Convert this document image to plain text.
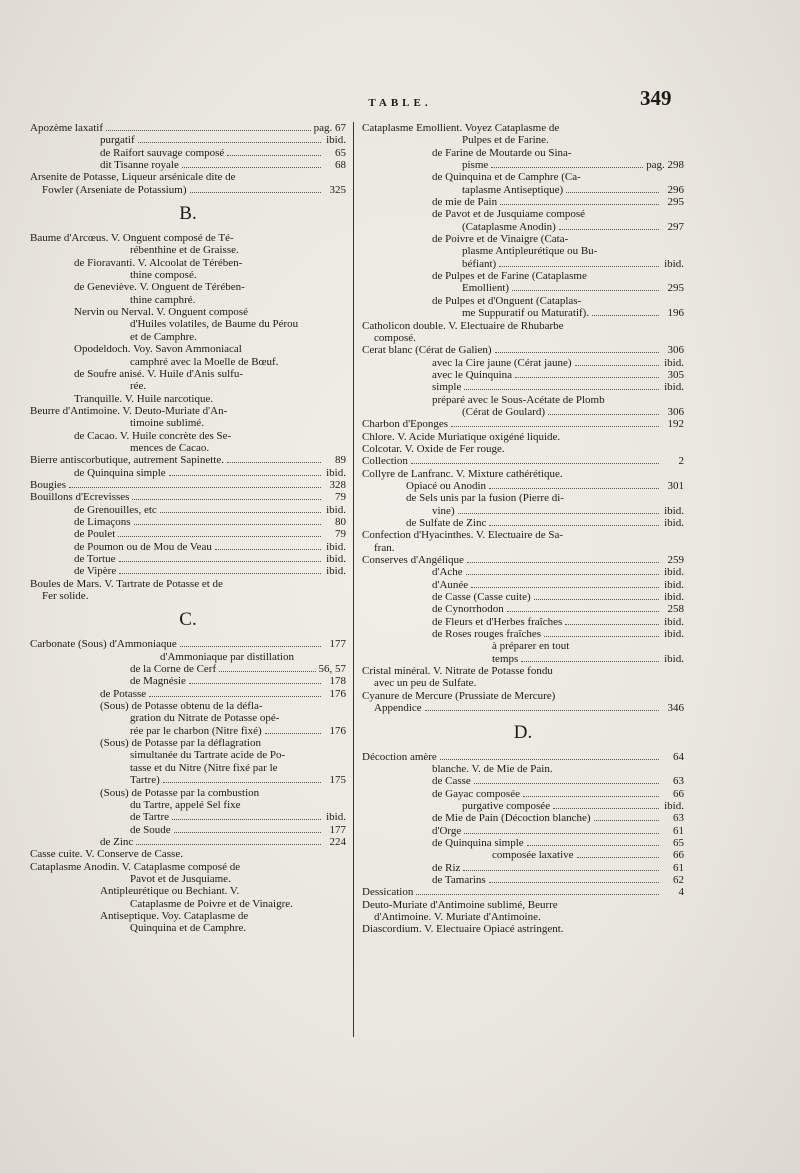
TABLE.	349
Apozème laxatif	pag. 67
purgatif	ibid.
de Raifort sauvage composé	65
dit Tisanne royale	68
Arsenite de Potasse, Liqueur arsénicale dite de
Fowler (Arseniate de Potassium)	325
B.
Baume d'Arcœus. V. Onguent composé de Té-
rébenthine et de Graisse.
de Fioravanti. V. Alcoolat de Térében-
thine composé.
de Geneviève. V. Onguent de Térében-
thine camphré.
Nervin ou Nerval. V. Onguent composé
d'Huiles volatiles, de Baume du Pérou
et de Camphre.
Opodeldoch. Voy. Savon Ammoniacal
camphré avec la Moelle de Bœuf.
de Soufre anisé. V. Huile d'Anis sulfu-
rée.
Tranquille. V. Huile narcotique.
Beurre d'Antimoine. V. Deuto-Muriate d'An-
timoine sublimé.
de Cacao. V. Huile concrète des Se-
mences de Cacao.
Bierre antiscorbutique, autrement Sapinette.	89
de Quinquina simple	ibid.
Bougies	328
Bouillons d'Ecrevisses	79
de Grenouilles, etc	ibid.
de Limaçons	80
de Poulet	79
de Poumon ou de Mou de Veau	ibid.
de Tortue	ibid.
de Vipère	ibid.
Boules de Mars. V. Tartrate de Potasse et de
Fer solide.
C.
Carbonate (Sous) d'Ammoniaque	177
d'Ammoniaque par distillation
de la Corne de Cerf	56, 57
de Magnésie	178
de Potasse	176
(Sous) de Potasse obtenu de la défla-
gration du Nitrate de Potasse opé-
rée par le charbon (Nitre fixé)	176
(Sous) de Potasse par la déflagration
simultanée du Tartrate acide de Po-
tasse et du Nitre (Nitre fixé par le
Tartre)	175
(Sous) de Potasse par la combustion
du Tartre, appelé Sel fixe
de Tartre	ibid.
de Soude	177
de Zinc	224
Casse cuite. V. Conserve de Casse.
Cataplasme Anodin. V. Cataplasme composé de
Pavot et de Jusquiame.
Antipleurétique ou Bechiant. V.
Cataplasme de Poivre et de Vinaigre.
Antiseptique. Voy. Cataplasme de
Quinquina et de Camphre.
Cataplasme Emollient. Voyez Cataplasme de
Pulpes et de Farine.
de Farine de Moutarde ou Sina-
pisme	pag. 298
de Quinquina et de Camphre (Ca-
taplasme Antiseptique)	296
de mie de Pain	295
de Pavot et de Jusquiame composé
(Cataplasme Anodin)	297
de Poivre et de Vinaigre (Cata-
plasme Antipleurétique ou Bu-
béfiant)	ibid.
de Pulpes et de Farine (Cataplasme
Emollient)	295
de Pulpes et d'Onguent (Cataplas-
me Suppuratif ou Maturatif).	196
Catholicon double. V. Electuaire de Rhubarbe
composé.
Cerat blanc (Cérat de Galien)	306
avec la Cire jaune (Cérat jaune)	ibid.
avec le Quinquina	305
simple	ibid.
préparé avec le Sous-Acétate de Plomb
(Cérat de Goulard)	306
Charbon d'Eponges	192
Chlore. V. Acide Muriatique oxigéné liquide.
Colcotar. V. Oxide de Fer rouge.
Collection	2
Collyre de Lanfranc. V. Mixture cathérétique.
Opiacé ou Anodin	301
de Sels unis par la fusion (Pierre di-
vine)	ibid.
de Sulfate de Zinc	ibid.
Confection d'Hyacinthes. V. Electuaire de Sa-
fran.
Conserves d'Angélique	259
d'Ache	ibid.
d'Aunée	ibid.
de Casse (Casse cuite)	ibid.
de Cynorrhodon	258
de Fleurs et d'Herbes fraîches	ibid.
de Roses rouges fraîches	ibid.
à préparer en tout
temps	ibid.
Cristal minéral. V. Nitrate de Potasse fondu
avec un peu de Sulfate.
Cyanure de Mercure (Prussiate de Mercure)
Appendice	346
D.
Décoction amère	64
blanche. V. de Mie de Pain.
de Casse	63
de Gayac composée	66
purgative composée	ibid.
de Mie de Pain (Décoction blanche)	63
d'Orge	61
de Quinquina simple	65
composée laxative	66
de Riz	61
de Tamarins	62
Dessication	4
Deuto-Muriate d'Antimoine sublimé, Beurre
d'Antimoine. V. Muriate d'Antimoine.
Diascordium. V. Electuaire Opiacé astringent.
